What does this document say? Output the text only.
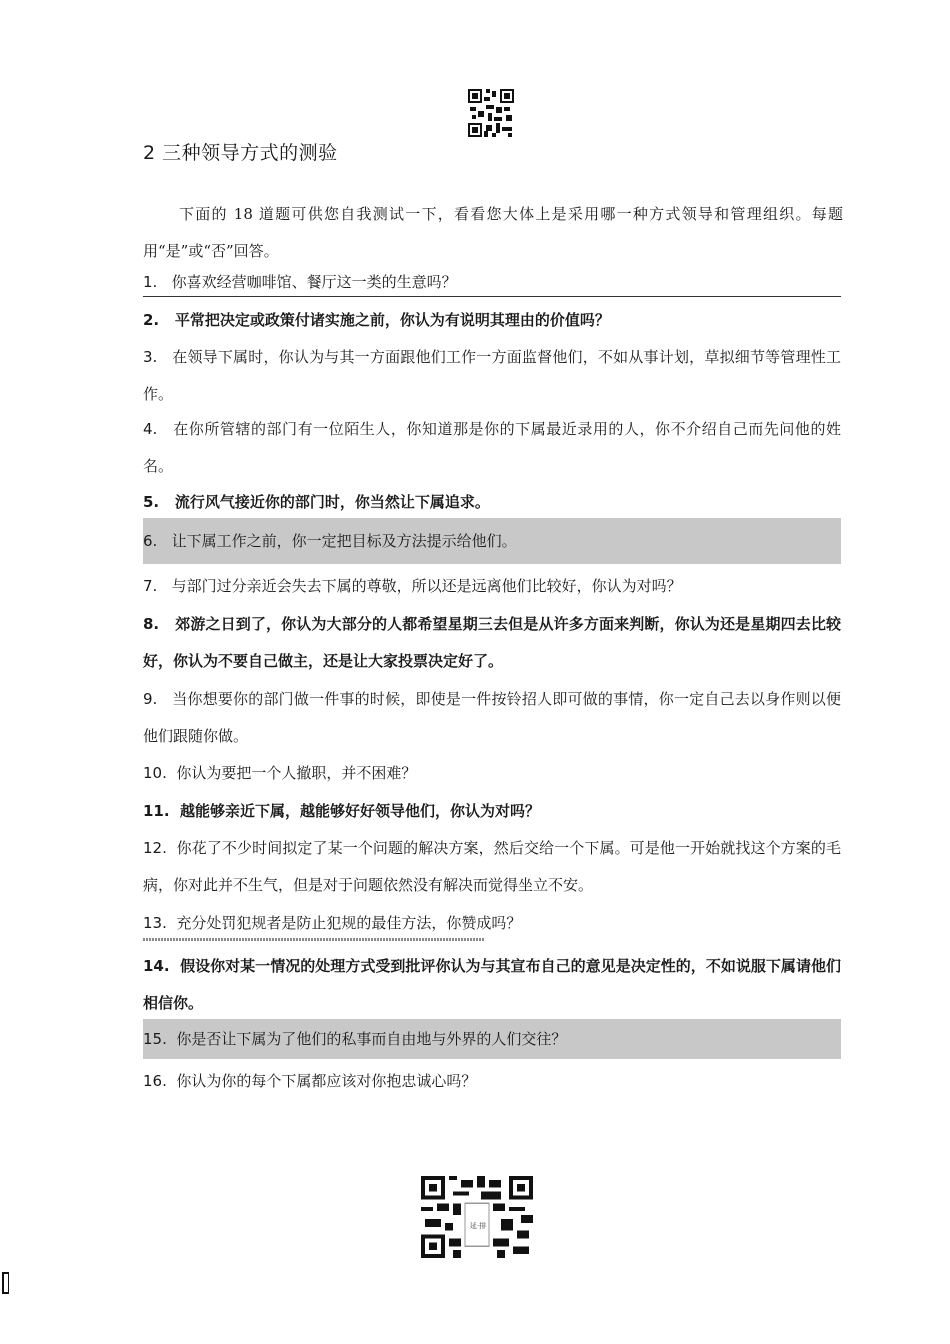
2 三种领导方式的测验
下面的 18 道题可供您自我测试一下，看看您大体上是采用哪一种方式领导和管理组织。每题用“是”或“否”回答。
1. 你喜欢经营咖啡馆、餐厅这一类的生意吗？
2. 平常把决定或政策付诸实施之前，你认为有说明其理由的价值吗？
3. 在领导下属时，你认为与其一方面跟他们工作一方面监督他们，不如从事计划，草拟细节等管理性工作。
4. 在你所管辖的部门有一位陌生人，你知道那是你的下属最近录用的人，你不介绍自己而先问他的姓名。
5. 流行风气接近你的部门时，你当然让下属追求。
6. 让下属工作之前，你一定把目标及方法提示给他们。
7. 与部门过分亲近会失去下属的尊敬，所以还是远离他们比较好，你认为对吗？
8. 郊游之日到了，你认为大部分的人都希望星期三去但是从许多方面来判断，你认为还是星期四去比较好，你认为不要自己做主，还是让大家投票决定好了。
9. 当你想要你的部门做一件事的时候，即使是一件按铃招人即可做的事情，你一定自己去以身作则以便他们跟随你做。
10. 你认为要把一个人撤职，并不困难？
11. 越能够亲近下属，越能够好好领导他们，你认为对吗？
12. 你花了不少时间拟定了某一个问题的解决方案，然后交给一个下属。可是他一开始就找这个方案的毛病，你对此并不生气，但是对于问题依然没有解决而觉得坐立不安。
13. 充分处罚犯规者是防止犯规的最佳方法，你赞成吗？
14. 假设你对某一情况的处理方式受到批评你认为与其宣布自己的意见是决定性的，不如说服下属请他们相信你。
15. 你是否让下属为了他们的私事而自由地与外界的人们交往？
16. 你认为你的每个下属都应该对你抱忠诚心吗？
延·排
